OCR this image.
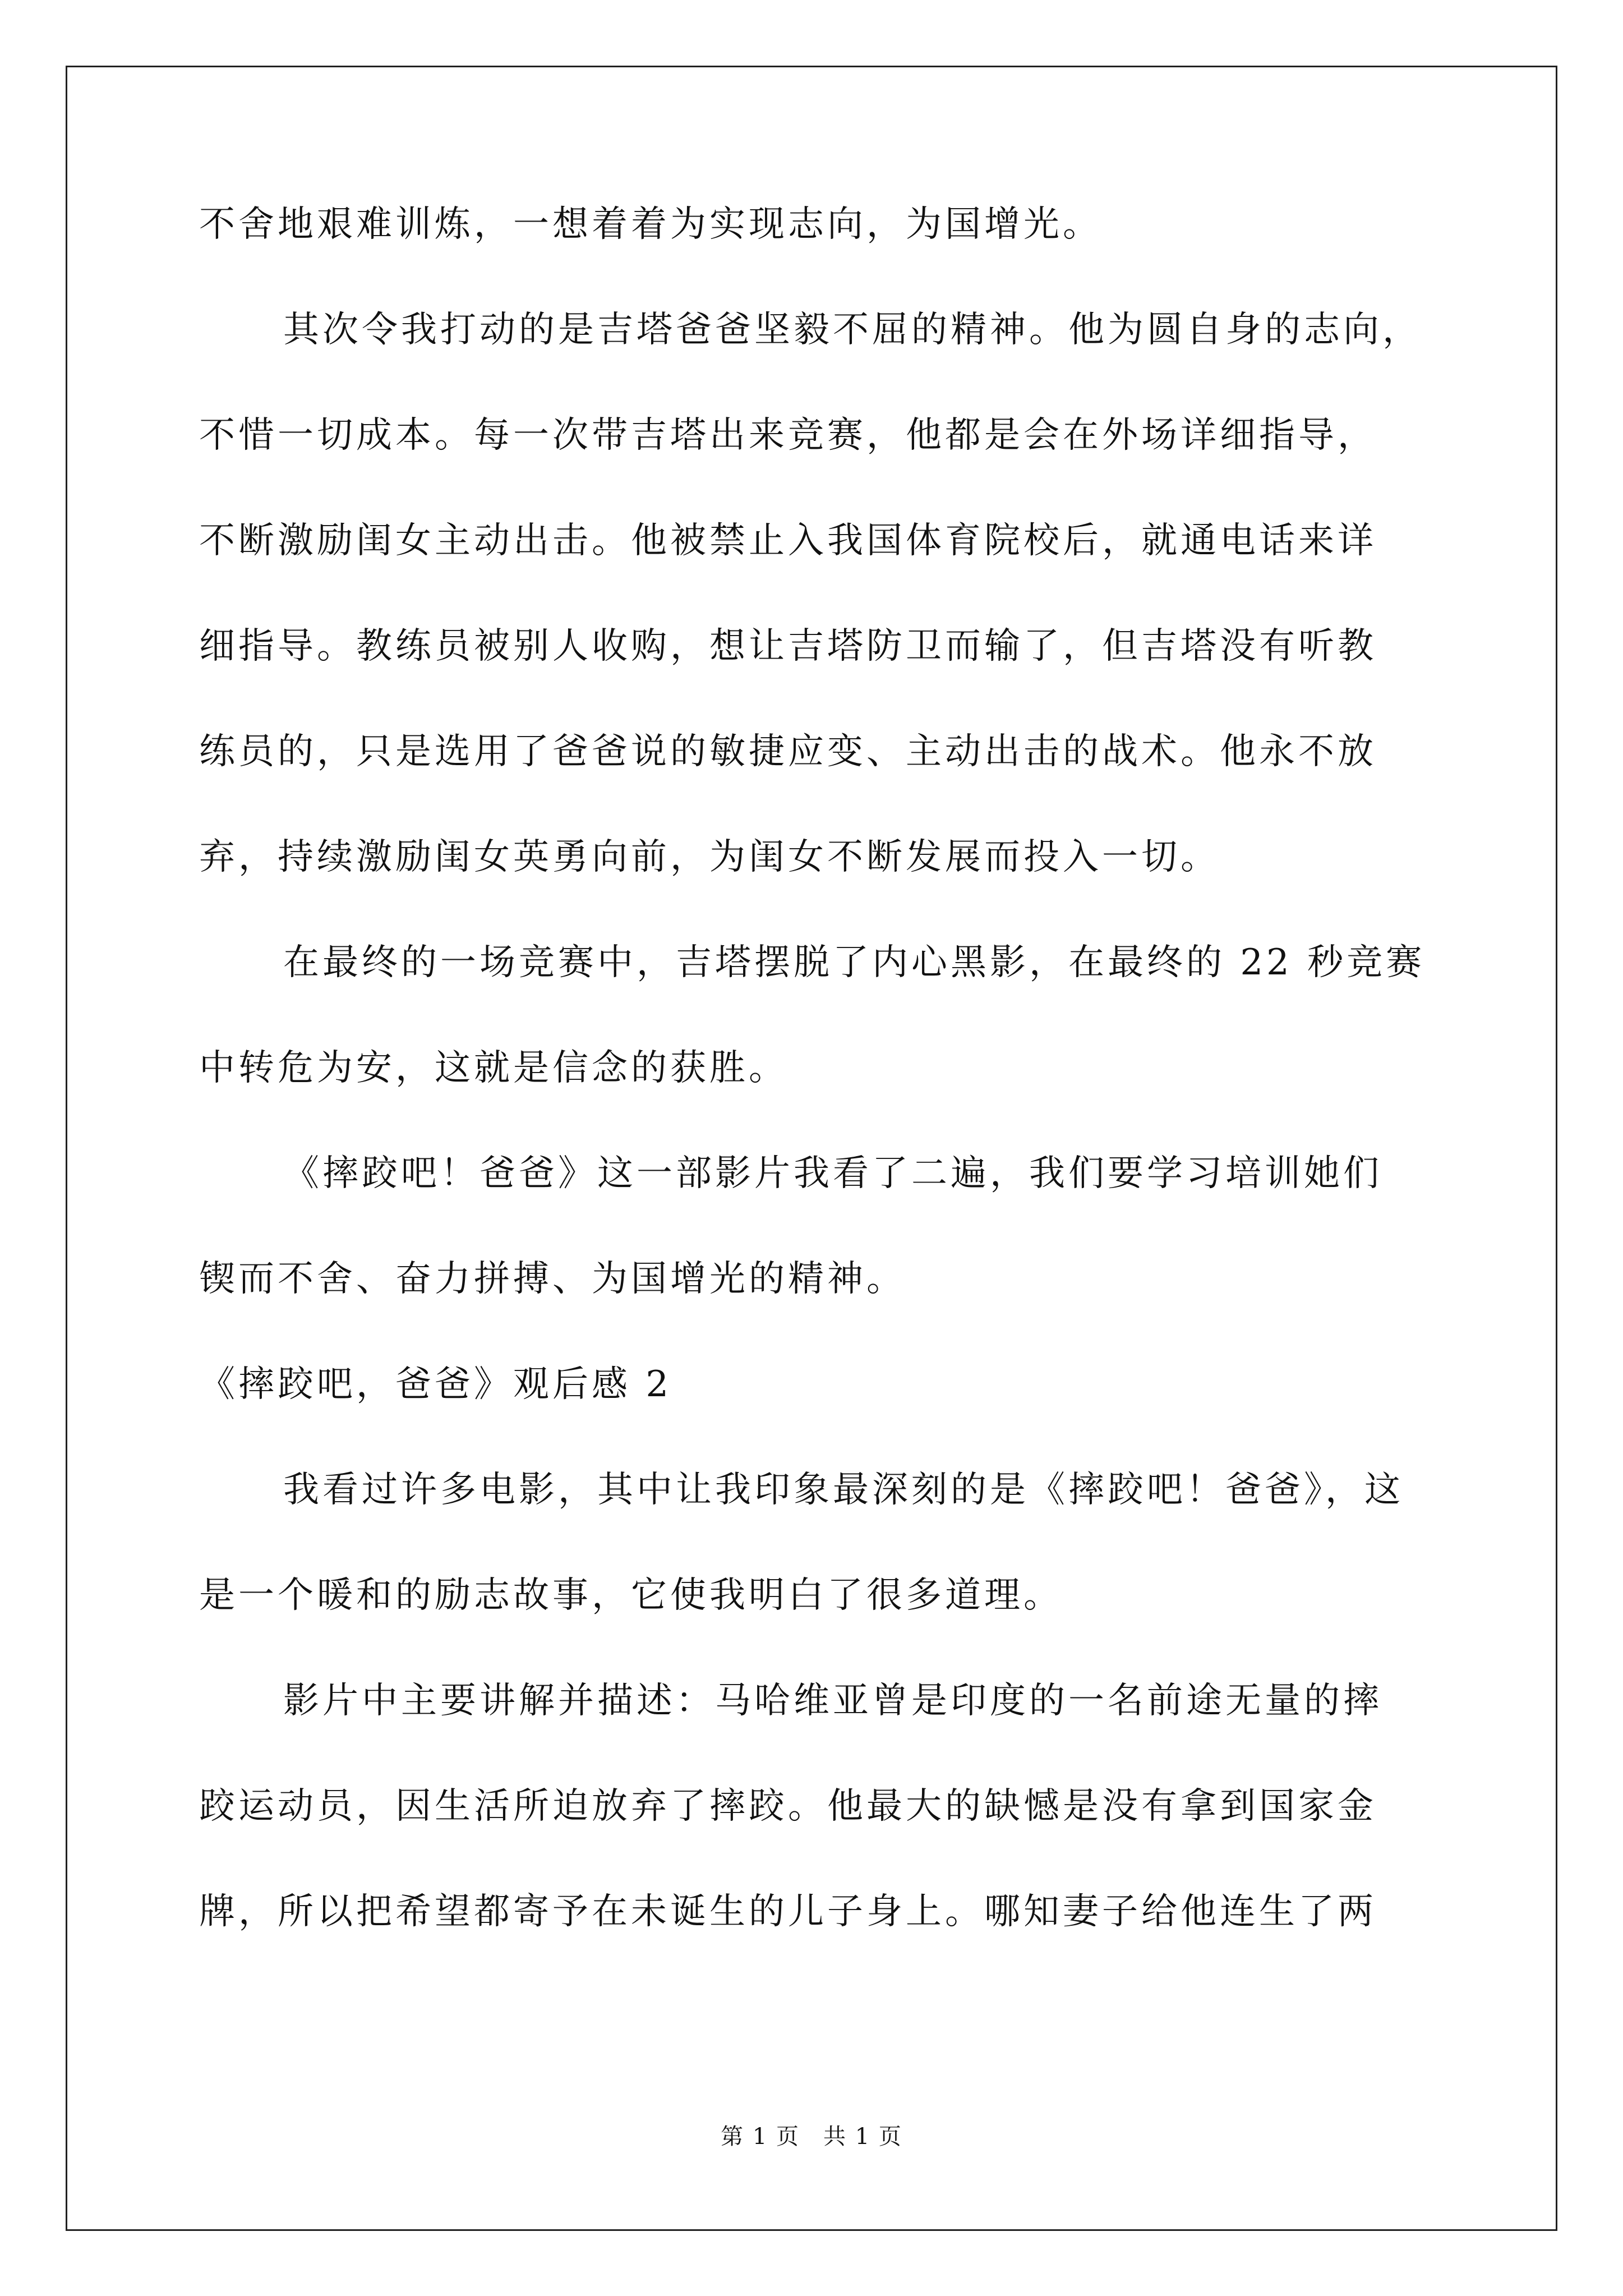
不舍地艰难训炼，一想着着为实现志向，为国增光。
其次令我打动的是吉塔爸爸坚毅不屈的精神。他为圆自身的志向，
不惜一切成本。每一次带吉塔出来竞赛，他都是会在外场详细指导，
不断激励闺女主动出击。他被禁止入我国体育院校后，就通电话来详
细指导。教练员被别人收购，想让吉塔防卫而输了，但吉塔没有听教
练员的，只是选用了爸爸说的敏捷应变、主动出击的战术。他永不放
弃，持续激励闺女英勇向前，为闺女不断发展而投入一切。
在最终的一场竞赛中，吉塔摆脱了内心黑影，在最终的 22 秒竞赛
中转危为安，这就是信念的获胜。
《摔跤吧！爸爸》这一部影片我看了二遍，我们要学习培训她们
锲而不舍、奋力拼搏、为国增光的精神。
《摔跤吧，爸爸》观后感 2
我看过许多电影，其中让我印象最深刻的是《摔跤吧！爸爸》，这
是一个暖和的励志故事，它使我明白了很多道理。
影片中主要讲解并描述：马哈维亚曾是印度的一名前途无量的摔
跤运动员，因生活所迫放弃了摔跤。他最大的缺憾是没有拿到国家金
牌，所以把希望都寄予在未诞生的儿子身上。哪知妻子给他连生了两
第 1 页　共 1 页
